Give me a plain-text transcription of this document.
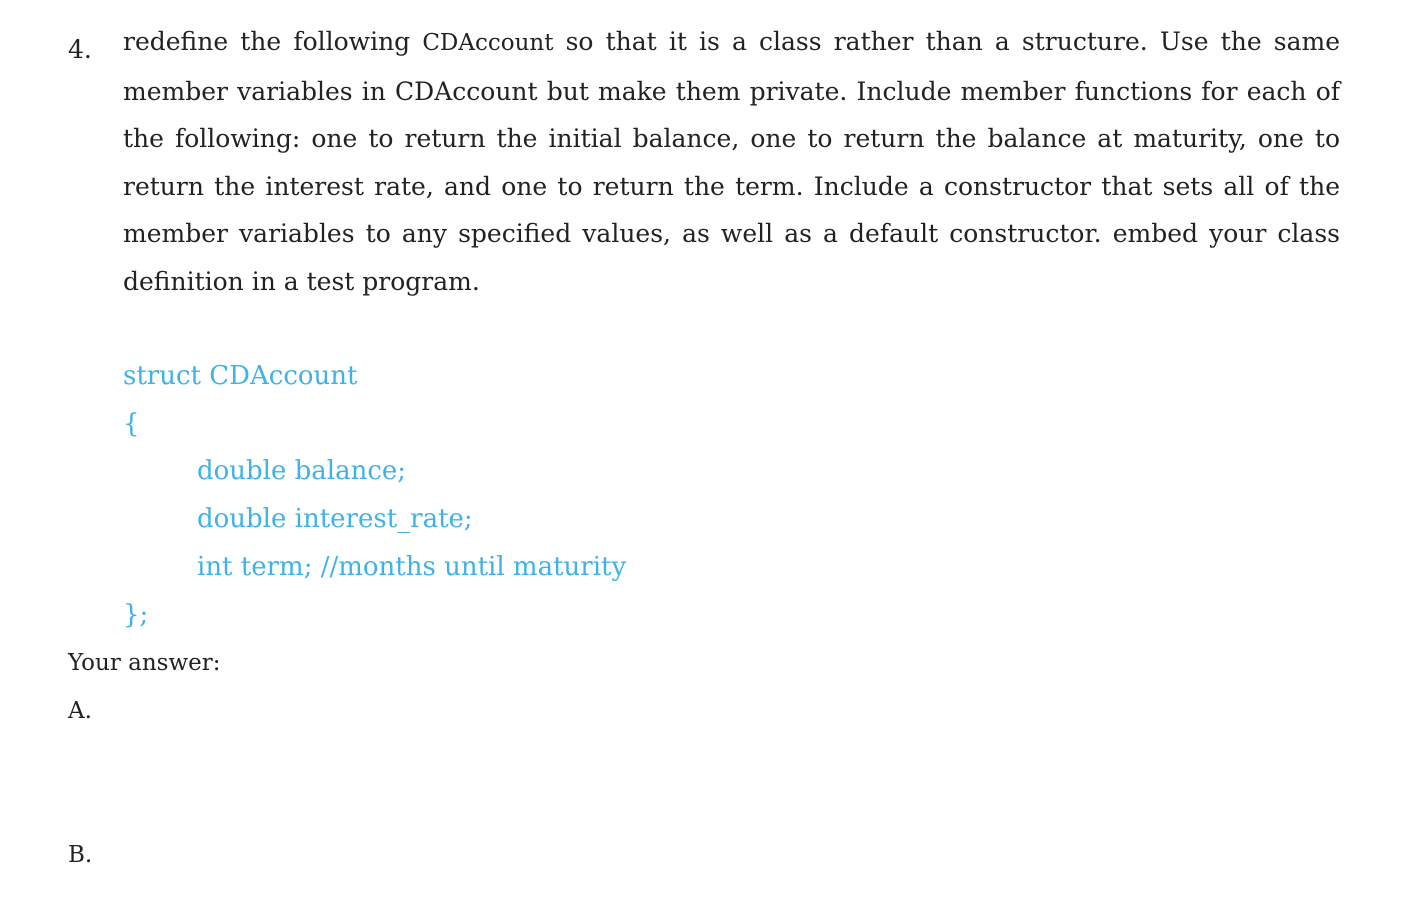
4. redefine the following CDAccount so that it is a class rather than a structure. Use the same member variables in CDAccount but make them private. Include member functions for each of the following: one to return the initial balance, one to return the balance at maturity, one to return the interest rate, and one to return the term. Include a constructor that sets all of the member variables to any specified values, as well as a default constructor. embed your class definition in a test program.
struct CDAccount
{
double balance;
double interest_rate;
int term; //months until maturity
};
Your answer:
A.
B.
